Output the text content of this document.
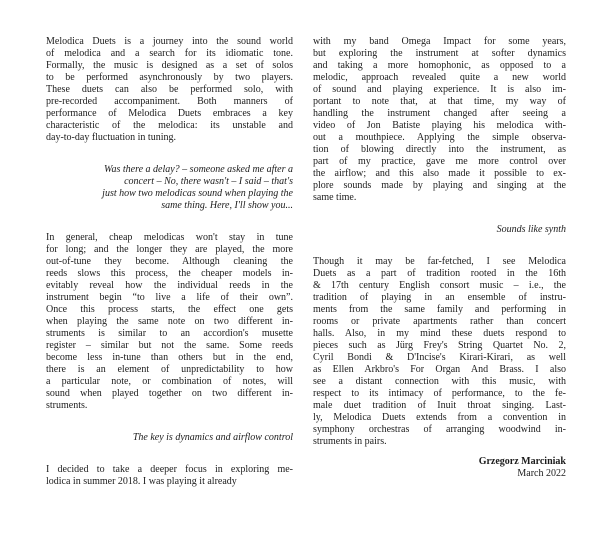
Melodica Duets is a journey into the sound world
of melodica and a search for its idiomatic tone.
Formally, the music is designed as a set of solos
to be performed asynchronously by two players.
These duets can also be performed solo, with
pre-recorded accompaniment. Both manners of
performance of Melodica Duets embraces a key
characteristic of the melodica: its unstable and
day-to-day fluctuation in tuning.
Was there a delay? – someone asked me after a
concert – No, there wasn't – I said – that's
just how two melodicas sound when playing the
same thing. Here, I'll show you...
In general, cheap melodicas won't stay in tune
for long; and the longer they are played, the more
out-of-tune they become. Although cleaning the
reeds slows this process, the cheaper models in-
evitably reveal how the individual reeds in the
instrument begin “to live a life of their own”.
Once this process starts, the effect one gets
when playing the same note on two different in-
struments is similar to an accordion's musette
register – similar but not the same. Some reeds
become less in-tune than others but in the end,
there is an element of unpredictability to how
a particular note, or combination of notes, will
sound when played together on two different in-
struments.
The key is dynamics and airflow control
I decided to take a deeper focus in exploring me-
lodica in summer 2018. I was playing it already
with my band Omega Impact for some years,
but exploring the instrument at softer dynamics
and taking a more homophonic, as opposed to a
melodic, approach revealed quite a new world
of sound and playing experience. It is also im-
portant to note that, at that time, my way of
handling the instrument changed after seeing a
video of Jon Batiste playing his melodica with-
out a mouthpiece. Applying the simple observa-
tion of blowing directly into the instrument, as
part of my practice, gave me more control over
the airflow; and this also made it possible to ex-
plore sounds made by playing and singing at the
same time.
Sounds like synth
Though it may be far-fetched, I see Melodica
Duets as a part of tradition rooted in the 16th
& 17th century English consort music – i.e., the
tradition of playing in an ensemble of instru-
ments from the same family and performing in
rooms or private apartments rather than concert
halls. Also, in my mind these duets respond to
pieces such as Jürg Frey's String Quartet No. 2,
Cyril Bondi & D'Incise's Kirari-Kirari, as well
as Ellen Arkbro's For Organ And Brass. I also
see a distant connection with this music, with
respect to its intimacy of performance, to the fe-
male duet tradition of Inuit throat singing. Last-
ly, Melodica Duets extends from a convention in
symphony orchestras of arranging woodwind in-
struments in pairs.
Grzegorz Marciniak
March 2022
